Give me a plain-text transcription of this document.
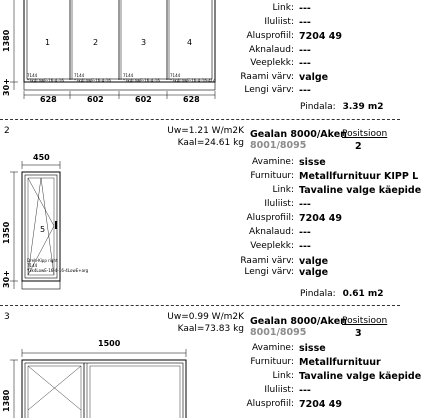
1380
30+
1	2	3	4
7144
*3k4LowE-16-4-16
7144
*3k4LowE-16-4-16
7144
*3k4LowE-16-4-16
7144
*3k4LowE-16-4-16-4Lc
628	602	602	628
Link: ---
Iluliist: ---
Alusprofiil: 7204 49
Aknalaud: ---
Veeplekk: ---
Raami värv: valge
Lengi värv: ---
Pindala: 3.39 m2
2	Uw=1.21 W/m2K
Kaal=24.61 kg
Gealan 8000/Aken
8001/8095
Positsioon
2
450
5
Dreh-Kipp right
7144
*3k4LowE-16-4-16-4LowE+arg
1350
30+
Avamine: sisse
Furnituur: Metallfurnituur KIPP L
Link: Tavaline valge käepide
Iluliist: ---
Alusprofiil: 7204 49
Aknalaud: ---
Veeplekk: ---
Raami värv: valge
Lengi värv: valge
Pindala: 0.61 m2
3	Uw=0.99 W/m2K
Kaal=73.83 kg
Gealan 8000/Aken
8001/8095
Positsioon
3
1500
1380
Avamine: sisse
Furnituur: Metallfurnituur
Link: Tavaline valge käepide
Iluliist: ---
Alusprofiil: 7204 49
